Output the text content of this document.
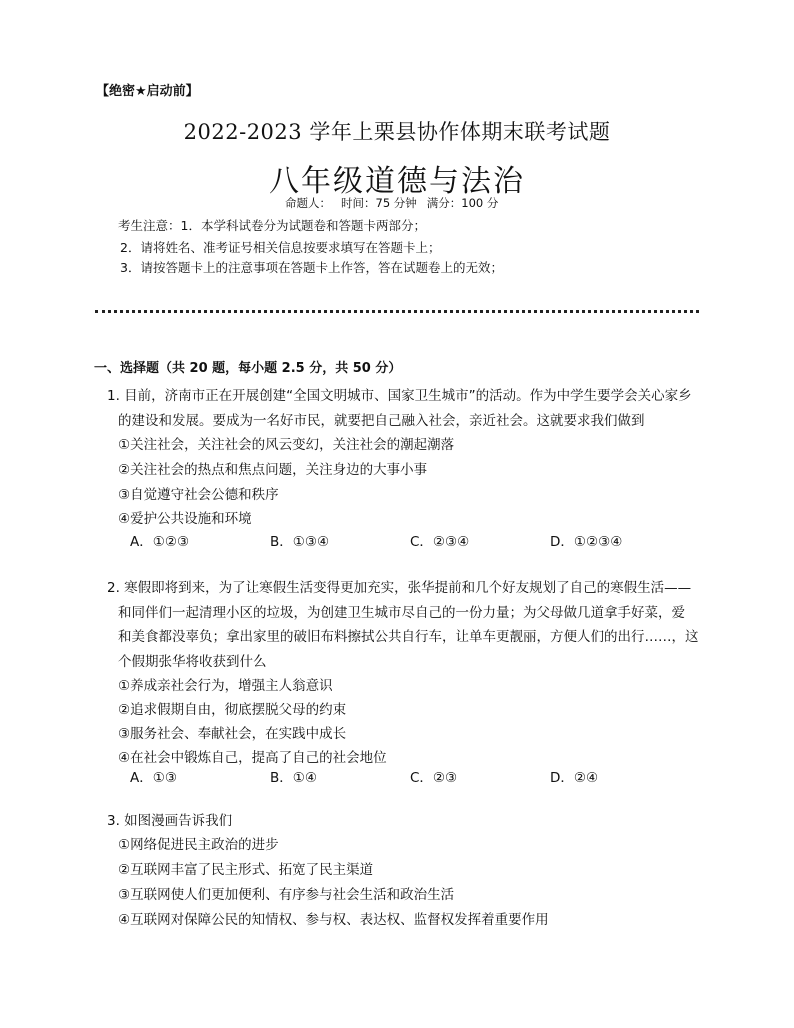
【绝密★启动前】
2022-2023 学年上栗县协作体期末联考试题
八年级道德与法治
命题人： 时间：75 分钟 满分：100 分
考生注意：1．本学科试卷分为试题卷和答题卡两部分；
2．请将姓名、准考证号相关信息按要求填写在答题卡上；
3．请按答题卡上的注意事项在答题卡上作答，答在试题卷上的无效；
一、选择题（共 20 题，每小题 2.5 分，共 50 分）
1. 目前，济南市正在开展创建“全国文明城市、国家卫生城市”的活动。作为中学生要学会关心家乡
的建设和发展。要成为一名好市民，就要把自己融入社会，亲近社会。这就要求我们做到
①关注社会，关注社会的风云变幻，关注社会的潮起潮落
②关注社会的热点和焦点问题，关注身边的大事小事
③自觉遵守社会公德和秩序
④爱护公共设施和环境
A．①②③	B．①③④	C．②③④	D．①②③④
2. 寒假即将到来，为了让寒假生活变得更加充实，张华提前和几个好友规划了自己的寒假生活——
和同伴们一起清理小区的垃圾，为创建卫生城市尽自己的一份力量；为父母做几道拿手好菜，爱
和美食都没辜负；拿出家里的破旧布料擦拭公共自行车，让单车更靓丽，方便人们的出行……，这
个假期张华将收获到什么
①养成亲社会行为，增强主人翁意识
②追求假期自由，彻底摆脱父母的约束
③服务社会、奉献社会，在实践中成长
④在社会中锻炼自己，提高了自己的社会地位
A．①③	B．①④	C．②③	D．②④
3. 如图漫画告诉我们
①网络促进民主政治的进步
②互联网丰富了民主形式、拓宽了民主渠道
③互联网使人们更加便利、有序参与社会生活和政治生活
④互联网对保障公民的知情权、参与权、表达权、监督权发挥着重要作用
